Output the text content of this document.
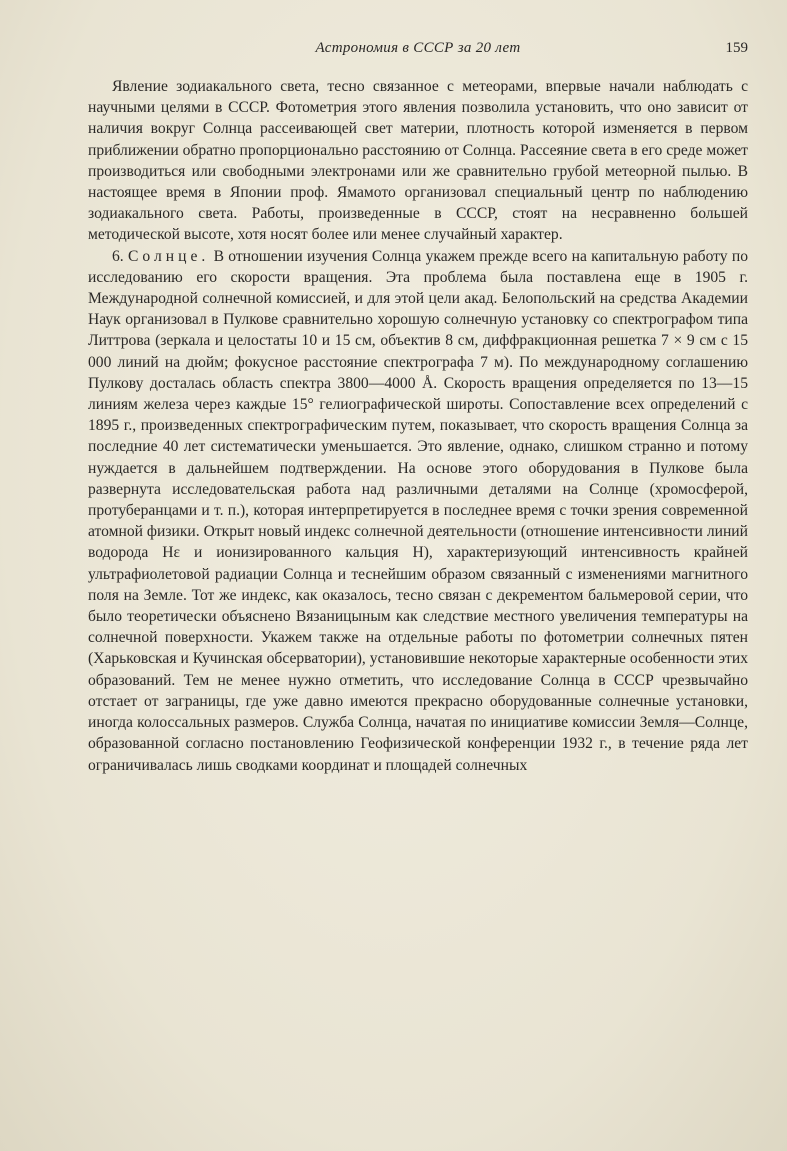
Астрономия в СССР за 20 лет	159

Явление зодиакального света, тесно связанное с метеорами, впервые начали наблюдать с научными целями в СССР. Фотометрия этого явления позволила установить, что оно зависит от наличия вокруг Солнца рассеивающей свет материи, плотность которой изменяется в первом приближении обратно пропорционально расстоянию от Солнца. Рассеяние света в его среде может производиться или свободными электронами или же сравнительно грубой метеорной пылью. В настоящее время в Японии проф. Ямамото организовал специальный центр по наблюдению зодиакального света. Работы, произведенные в СССР, стоят на несравненно большей методической высоте, хотя носят более или менее случайный характер.

6. Солнце. В отношении изучения Солнца укажем прежде всего на капитальную работу по исследованию его скорости вращения. Эта проблема была поставлена еще в 1905 г. Международной солнечной комиссией, и для этой цели акад. Белопольский на средства Академии Наук организовал в Пулкове сравнительно хорошую солнечную установку со спектрографом типа Литтрова (зеркала и целостаты 10 и 15 см, объектив 8 см, диффракционная решетка 7 × 9 см с 15 000 линий на дюйм; фокусное расстояние спектрографа 7 м). По международному соглашению Пулкову досталась область спектра 3800—4000 Å. Скорость вращения определяется по 13—15 линиям железа через каждые 15° гелиографической широты. Сопоставление всех определений с 1895 г., произведенных спектрографическим путем, показывает, что скорость вращения Солнца за последние 40 лет систематически уменьшается. Это явление, однако, слишком странно и потому нуждается в дальнейшем подтверждении. На основе этого оборудования в Пулкове была развернута исследовательская работа над различными деталями на Солнце (хромосферой, протуберанцами и т. п.), которая интерпретируется в последнее время с точки зрения современной атомной физики. Открыт новый индекс солнечной деятельности (отношение интенсивности линий водорода Hε и ионизированного кальция H), характеризующий интенсивность крайней ультрафиолетовой радиации Солнца и теснейшим образом связанный с изменениями магнитного поля на Земле. Тот же индекс, как оказалось, тесно связан с декрементом бальмеровой серии, что было теоретически объяснено Вязаницыным как следствие местного увеличения температуры на солнечной поверхности. Укажем также на отдельные работы по фотометрии солнечных пятен (Харьковская и Кучинская обсерватории), установившие некоторые характерные особенности этих образований. Тем не менее нужно отметить, что исследование Солнца в СССР чрезвычайно отстает от заграницы, где уже давно имеются прекрасно оборудованные солнечные установки, иногда колоссальных размеров. Служба Солнца, начатая по инициативе комиссии Земля—Солнце, образованной согласно постановлению Геофизической конференции 1932 г., в течение ряда лет ограничивалась лишь сводками координат и площадей солнечных
